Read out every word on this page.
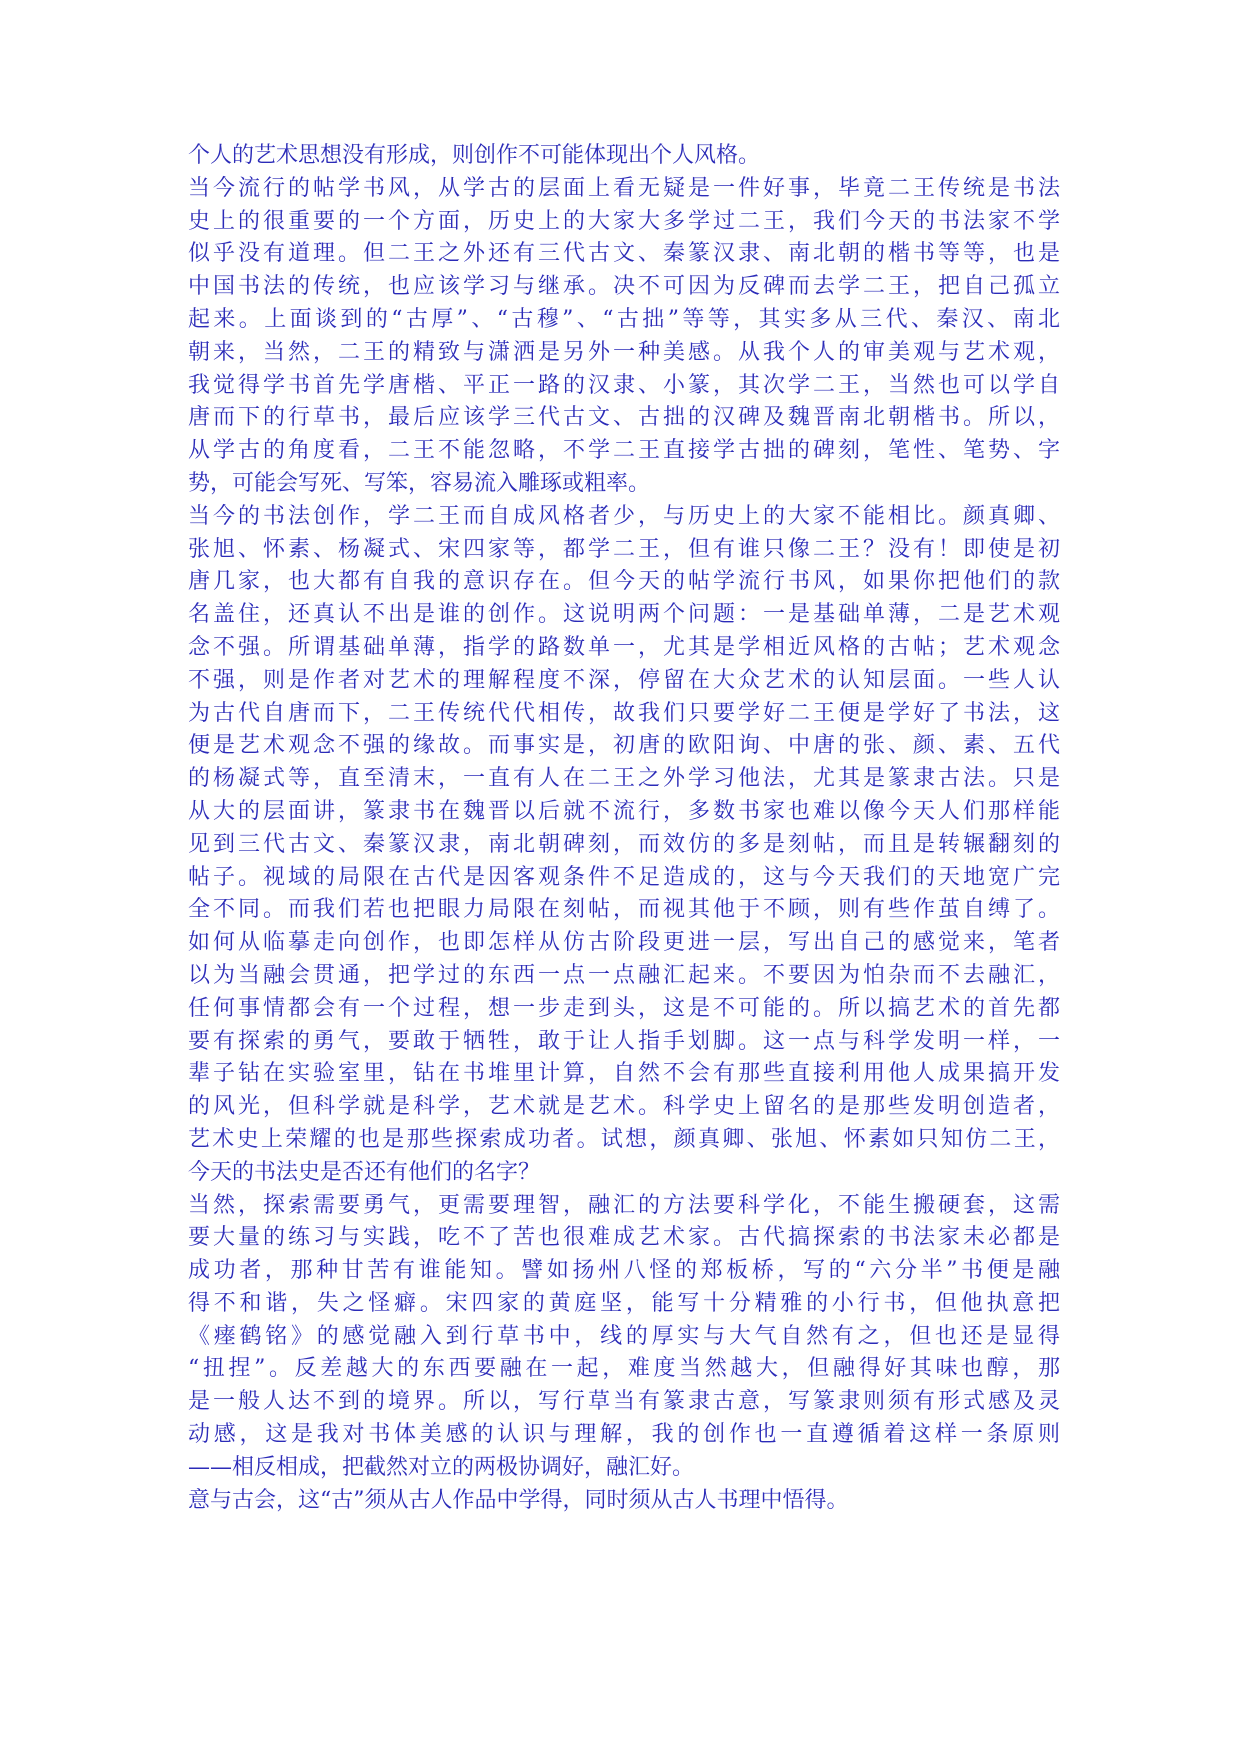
个人的艺术思想没有形成，则创作不可能体现出个人风格。
当今流行的帖学书风，从学古的层面上看无疑是一件好事，毕竟二王传统是书法
史上的很重要的一个方面，历史上的大家大多学过二王，我们今天的书法家不学
似乎没有道理。但二王之外还有三代古文、秦篆汉隶、南北朝的楷书等等，也是
中国书法的传统，也应该学习与继承。决不可因为反碑而去学二王，把自己孤立
起来。上面谈到的“古厚”、“古穆”、“古拙”等等，其实多从三代、秦汉、南北
朝来，当然，二王的精致与潇洒是另外一种美感。从我个人的审美观与艺术观，
我觉得学书首先学唐楷、平正一路的汉隶、小篆，其次学二王，当然也可以学自
唐而下的行草书，最后应该学三代古文、古拙的汉碑及魏晋南北朝楷书。所以，
从学古的角度看，二王不能忽略，不学二王直接学古拙的碑刻，笔性、笔势、字
势，可能会写死、写笨，容易流入雕琢或粗率。
当今的书法创作，学二王而自成风格者少，与历史上的大家不能相比。颜真卿、
张旭、怀素、杨凝式、宋四家等，都学二王，但有谁只像二王？没有！即使是初
唐几家，也大都有自我的意识存在。但今天的帖学流行书风，如果你把他们的款
名盖住，还真认不出是谁的创作。这说明两个问题：一是基础单薄，二是艺术观
念不强。所谓基础单薄，指学的路数单一，尤其是学相近风格的古帖；艺术观念
不强，则是作者对艺术的理解程度不深，停留在大众艺术的认知层面。一些人认
为古代自唐而下，二王传统代代相传，故我们只要学好二王便是学好了书法，这
便是艺术观念不强的缘故。而事实是，初唐的欧阳询、中唐的张、颜、素、五代
的杨凝式等，直至清末，一直有人在二王之外学习他法，尤其是篆隶古法。只是
从大的层面讲，篆隶书在魏晋以后就不流行，多数书家也难以像今天人们那样能
见到三代古文、秦篆汉隶，南北朝碑刻，而效仿的多是刻帖，而且是转辗翻刻的
帖子。视域的局限在古代是因客观条件不足造成的，这与今天我们的天地宽广完
全不同。而我们若也把眼力局限在刻帖，而视其他于不顾，则有些作茧自缚了。
如何从临摹走向创作，也即怎样从仿古阶段更进一层，写出自己的感觉来，笔者
以为当融会贯通，把学过的东西一点一点融汇起来。不要因为怕杂而不去融汇，
任何事情都会有一个过程，想一步走到头，这是不可能的。所以搞艺术的首先都
要有探索的勇气，要敢于牺牲，敢于让人指手划脚。这一点与科学发明一样，一
辈子钻在实验室里，钻在书堆里计算，自然不会有那些直接利用他人成果搞开发
的风光，但科学就是科学，艺术就是艺术。科学史上留名的是那些发明创造者，
艺术史上荣耀的也是那些探索成功者。试想，颜真卿、张旭、怀素如只知仿二王，
今天的书法史是否还有他们的名字？
当然，探索需要勇气，更需要理智，融汇的方法要科学化，不能生搬硬套，这需
要大量的练习与实践，吃不了苦也很难成艺术家。古代搞探索的书法家未必都是
成功者，那种甘苦有谁能知。譬如扬州八怪的郑板桥，写的“六分半”书便是融
得不和谐，失之怪癖。宋四家的黄庭坚，能写十分精雅的小行书，但他执意把
《瘗鹤铭》的感觉融入到行草书中，线的厚实与大气自然有之，但也还是显得
“扭捏”。反差越大的东西要融在一起，难度当然越大，但融得好其味也醇，那
是一般人达不到的境界。所以，写行草当有篆隶古意，写篆隶则须有形式感及灵
动感，这是我对书体美感的认识与理解，我的创作也一直遵循着这样一条原则
——相反相成，把截然对立的两极协调好，融汇好。
意与古会，这“古”须从古人作品中学得，同时须从古人书理中悟得。
